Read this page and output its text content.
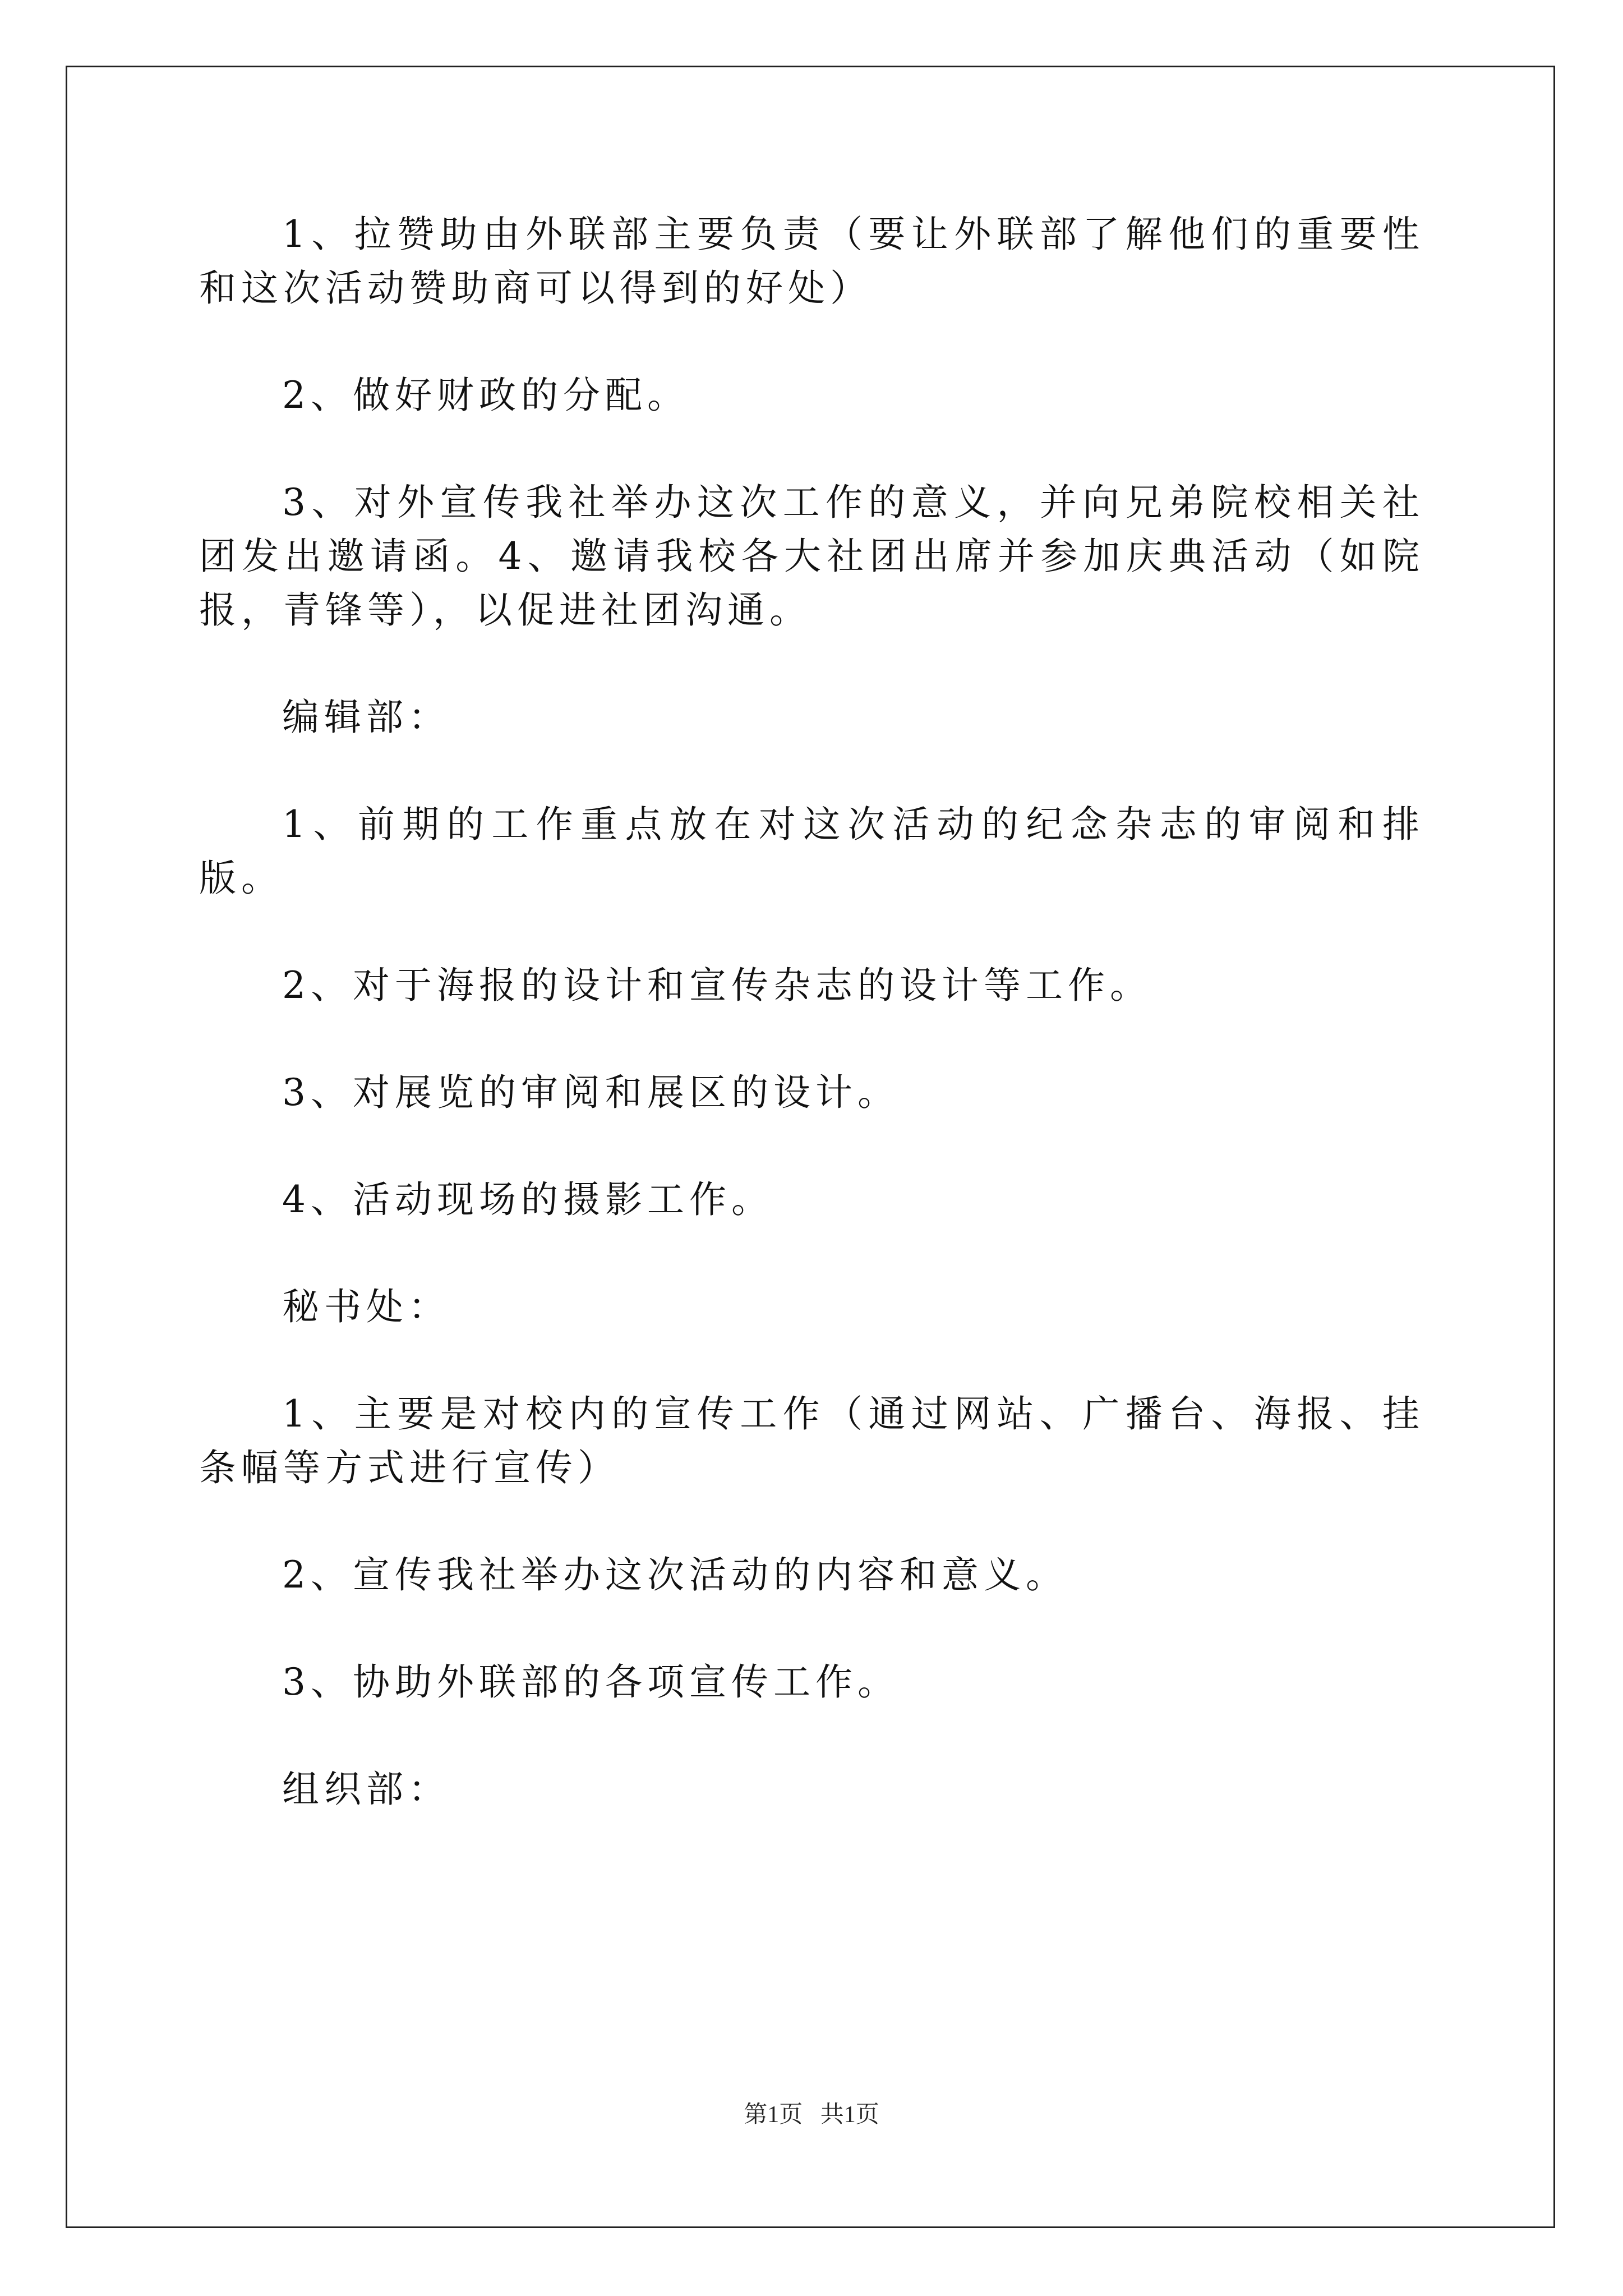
1、拉赞助由外联部主要负责（要让外联部了解他们的重要性和这次活动赞助商可以得到的好处）

2、做好财政的分配。

3、对外宣传我社举办这次工作的意义，并向兄弟院校相关社团发出邀请函。4、邀请我校各大社团出席并参加庆典活动（如院报，青锋等），以促进社团沟通。

编辑部：

1、前期的工作重点放在对这次活动的纪念杂志的审阅和排版。

2、对于海报的设计和宣传杂志的设计等工作。

3、对展览的审阅和展区的设计。

4、活动现场的摄影工作。

秘书处：

1、主要是对校内的宣传工作（通过网站、广播台、海报、挂条幅等方式进行宣传）

2、宣传我社举办这次活动的内容和意义。

3、协助外联部的各项宣传工作。

组织部：

第1页   共1页
